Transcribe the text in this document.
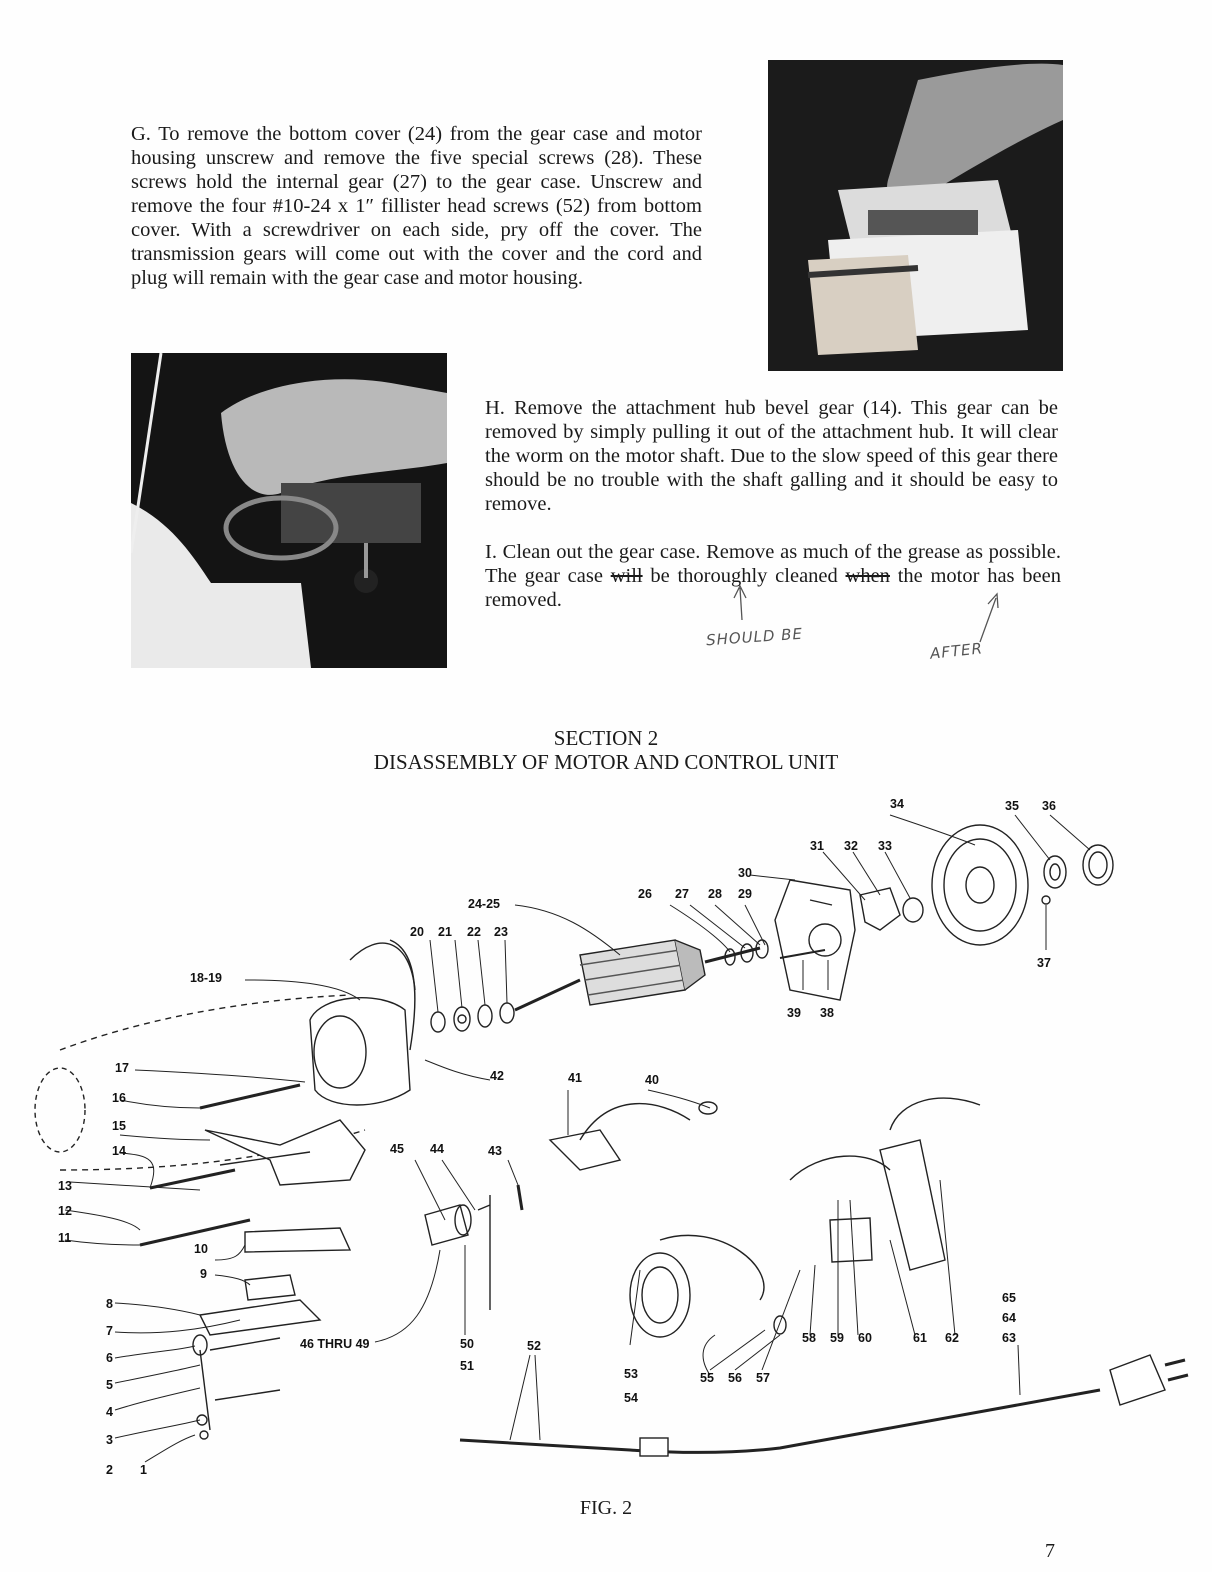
G. To remove the bottom cover (24) from the gear case and motor housing unscrew and remove the five special screws (28). These screws hold the internal gear (27) to the gear case. Unscrew and remove the four #10-24 x 1″ fillister head screws (52) from bottom cover. With a screwdriver on each side, pry off the cover. The transmission gears will come out with the cover and the cord and plug will remain with the gear case and motor housing.

H. Remove the attachment hub bevel gear (14). This gear can be removed by simply pulling it out of the attachment hub. It will clear the worm on the motor shaft. Due to the slow speed of this gear there should be no trouble with the shaft galling and it should be easy to remove.

I. Clean out the gear case. Remove as much of the grease as possible. The gear case will be thoroughly cleaned when the motor has been removed.

SHOULD BE
AFTER

SECTION 2

DISASSEMBLY OF MOTOR AND CONTROL UNIT

34	35 36
31 32 33
30
24-25
26 27 28 29
20 21 22 23
37
18-19
39 38
17
42	41	40
16
15
14	45 44	43
13
12
11
10
9
8
7
6
5
4
3
2 1
46 THRU 49	50
51
52
53
54
55 56 57
58 59 60	61 62
65
64
63

FIG. 2

7
